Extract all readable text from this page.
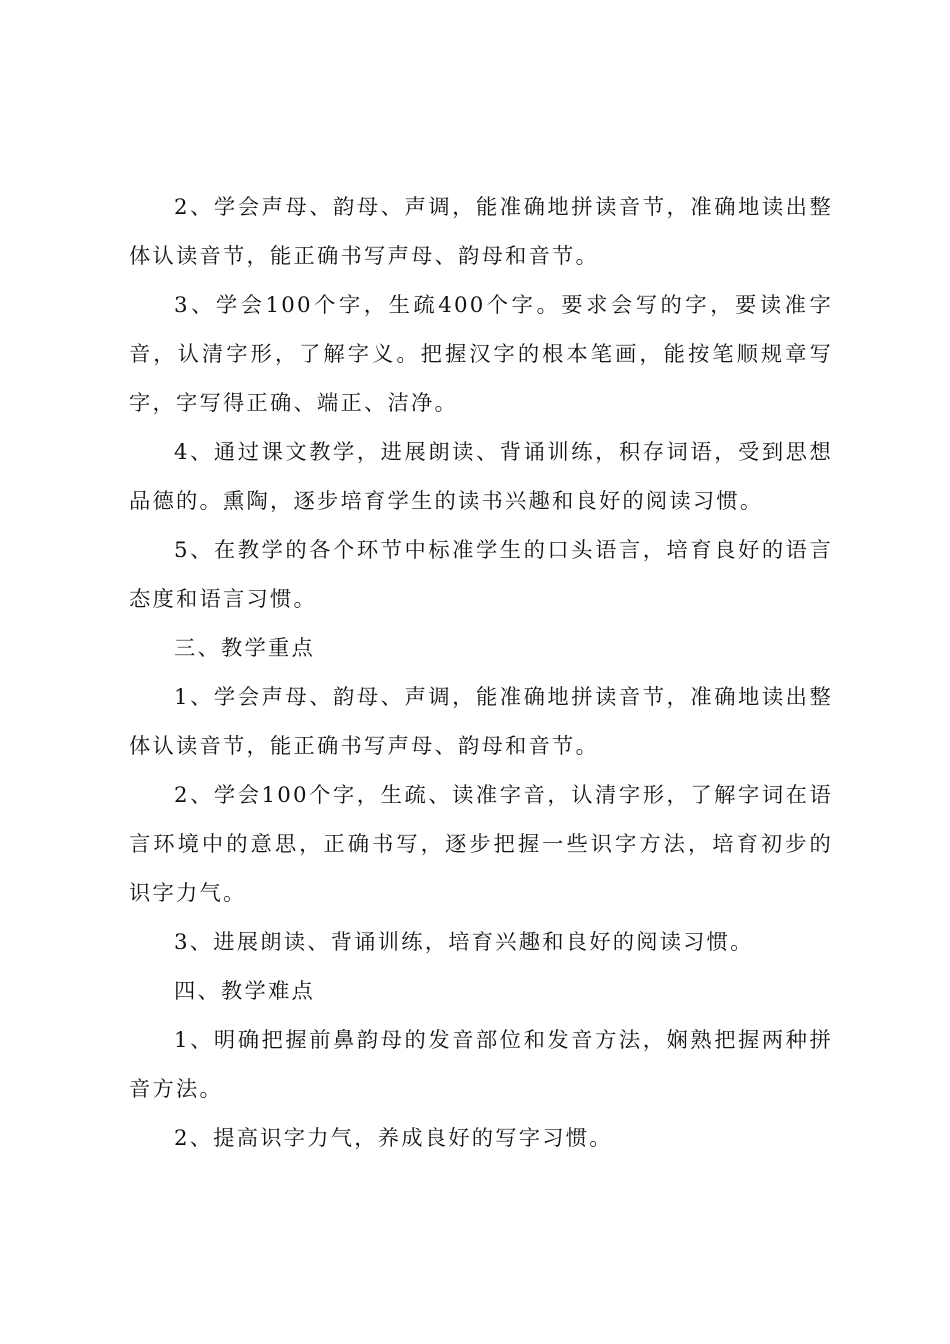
2、学会声母、韵母、声调，能准确地拼读音节，准确地读出整体认读音节，能正确书写声母、韵母和音节。

3、学会100个字，生疏400个字。要求会写的字，要读准字音，认清字形，了解字义。把握汉字的根本笔画，能按笔顺规章写字，字写得正确、端正、洁净。

4、通过课文教学，进展朗读、背诵训练，积存词语，受到思想品德的。熏陶，逐步培育学生的读书兴趣和良好的阅读习惯。

5、在教学的各个环节中标准学生的口头语言，培育良好的语言态度和语言习惯。

三、教学重点

1、学会声母、韵母、声调，能准确地拼读音节，准确地读出整体认读音节，能正确书写声母、韵母和音节。

2、学会100个字，生疏、读准字音，认清字形，了解字词在语言环境中的意思，正确书写，逐步把握一些识字方法，培育初步的识字力气。

3、进展朗读、背诵训练，培育兴趣和良好的阅读习惯。

四、教学难点

1、明确把握前鼻韵母的发音部位和发音方法，娴熟把握两种拼音方法。

2、提高识字力气，养成良好的写字习惯。
